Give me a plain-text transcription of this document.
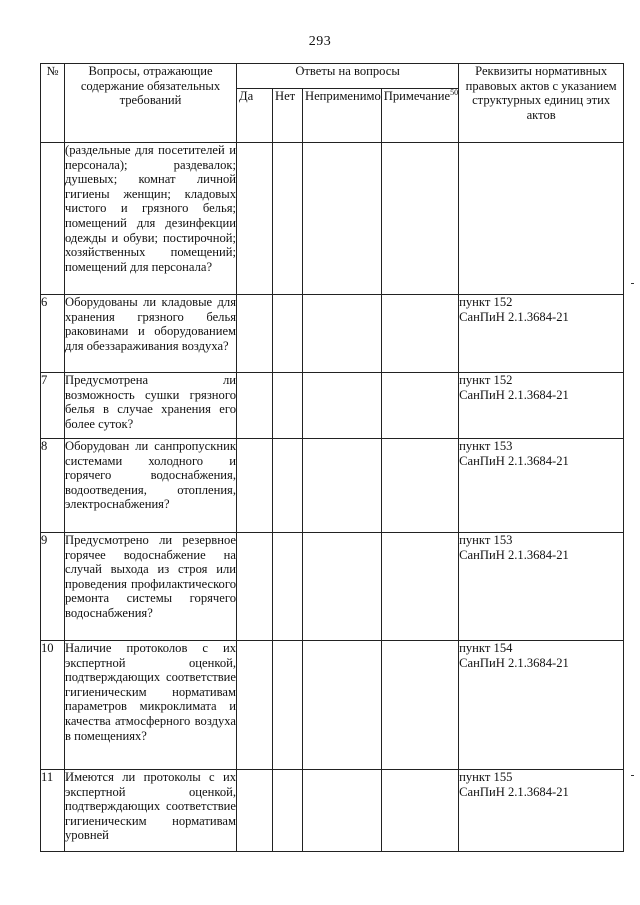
293
№	Вопросы, отражающие содержание обязательных требований	Ответы на вопросы				Реквизиты нормативных правовых актов с указанием структурных единиц этих актов
		Да	Нет	Неприменимо	Примечание$^{50}$
	(раздельные для посетителей и персонала); раздевалок; душевых; комнат личной гигиены женщин; кладовых чистого и грязного белья; помещений для дезинфекции одежды и обуви; постирочной; хозяйственных помещений; помещений для персонала?					

6	Оборудованы ли кладовые для хранения грязного белья раковинами и оборудованием для обеззараживания воздуха?					пункт 152
СанПиН 2.1.3684-21

7	Предусмотрена ли возможность сушки грязного белья в случае хранения его более суток?					пункт 152
СанПиН 2.1.3684-21

8	Оборудован ли санпропускник системами холодного и горячего водоснабжения, водоотведения, отопления, электроснабжения?					пункт 153
СанПиН 2.1.3684-21

9	Предусмотрено ли резервное горячее водоснабжение на случай выхода из строя или проведения профилактического ремонта системы горячего водоснабжения?					пункт 153
СанПиН 2.1.3684-21

10	Наличие протоколов с их экспертной оценкой, подтверждающих соответствие гигиеническим нормативам параметров микроклимата и качества атмосферного воздуха в помещениях?					пункт 154
СанПиН 2.1.3684-21

11	Имеются ли протоколы с их экспертной оценкой, подтверждающих соответствие гигиеническим нормативам уровней					пункт 155
СанПиН 2.1.3684-21
